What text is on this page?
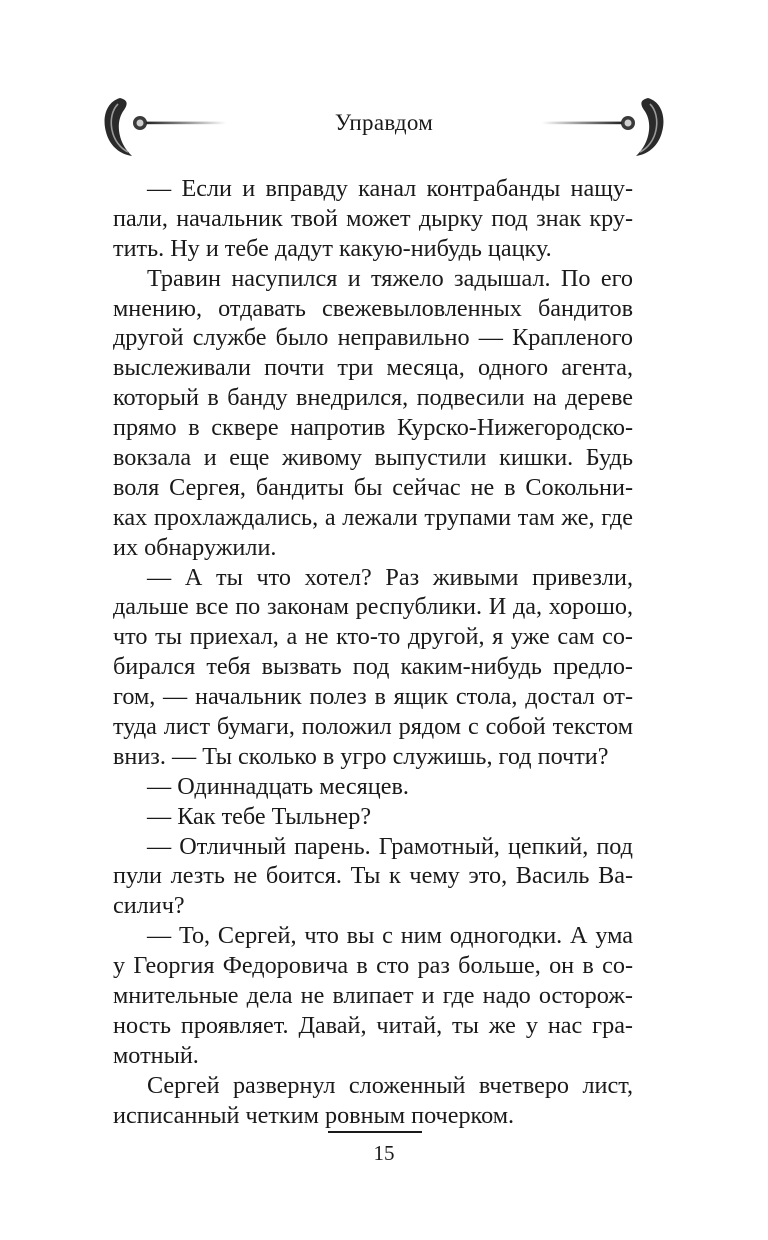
Управдом
— Если и вправду канал контрабанды нащу-
пали, начальник твой может дырку под знак кру-
тить. Ну и тебе дадут какую-нибудь цацку.
Травин насупился и тяжело задышал. По его
мнению, отдавать свежевыловленных бандитов
другой службе было неправильно — Крапленого
выслеживали почти три месяца, одного агента,
который в банду внедрился, подвесили на дереве
прямо в сквере напротив Курско-Нижегородско-
вокзала и еще живому выпустили кишки. Будь
воля Сергея, бандиты бы сейчас не в Сокольни-
ках прохлаждались, а лежали трупами там же, где
их обнаружили.
— А ты что хотел? Раз живыми привезли,
дальше все по законам республики. И да, хорошо,
что ты приехал, а не кто-то другой, я уже сам со-
бирался тебя вызвать под каким-нибудь предло-
гом, — начальник полез в ящик стола, достал от-
туда лист бумаги, положил рядом с собой текстом
вниз. — Ты сколько в угро служишь, год почти?
— Одиннадцать месяцев.
— Как тебе Тыльнер?
— Отличный парень. Грамотный, цепкий, под
пули лезть не боится. Ты к чему это, Василь Ва-
силич?
— То, Сергей, что вы с ним одногодки. А ума
у Георгия Федоровича в сто раз больше, он в со-
мнительные дела не влипает и где надо осторож-
ность проявляет. Давай, читай, ты же у нас гра-
мотный.
Сергей развернул сложенный вчетверо лист,
исписанный четким ровным почерком.
15
